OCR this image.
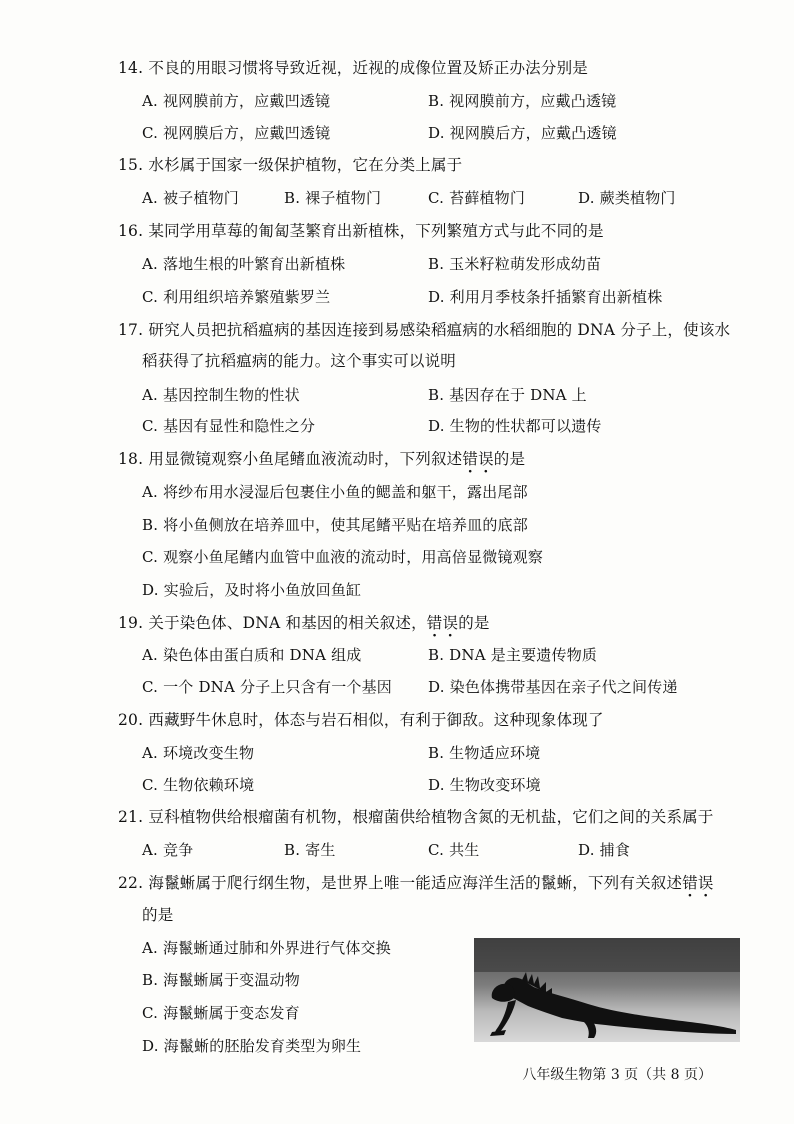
14. 不良的用眼习惯将导致近视，近视的成像位置及矫正办法分别是
A. 视网膜前方，应戴凹透镜	B. 视网膜前方，应戴凸透镜
C. 视网膜后方，应戴凹透镜	D. 视网膜后方，应戴凸透镜
15. 水杉属于国家一级保护植物，它在分类上属于
A. 被子植物门	B. 裸子植物门	C. 苔藓植物门	D. 蕨类植物门
16. 某同学用草莓的匍匐茎繁育出新植株，下列繁殖方式与此不同的是
A. 落地生根的叶繁育出新植株	B. 玉米籽粒萌发形成幼苗
C. 利用组织培养繁殖紫罗兰	D. 利用月季枝条扦插繁育出新植株
17. 研究人员把抗稻瘟病的基因连接到易感染稻瘟病的水稻细胞的 DNA 分子上，使该水
稻获得了抗稻瘟病的能力。这个事实可以说明
A. 基因控制生物的性状	B. 基因存在于 DNA 上
C. 基因有显性和隐性之分	D. 生物的性状都可以遗传
18. 用显微镜观察小鱼尾鳍血液流动时，下列叙述错误的是
A. 将纱布用水浸湿后包裹住小鱼的鳃盖和躯干，露出尾部
B. 将小鱼侧放在培养皿中，使其尾鳍平贴在培养皿的底部
C. 观察小鱼尾鳍内血管中血液的流动时，用高倍显微镜观察
D. 实验后，及时将小鱼放回鱼缸
19. 关于染色体、DNA 和基因的相关叙述，错误的是
A. 染色体由蛋白质和 DNA 组成	B. DNA 是主要遗传物质
C. 一个 DNA 分子上只含有一个基因 D. 染色体携带基因在亲子代之间传递
20. 西藏野牛休息时，体态与岩石相似，有利于御敌。这种现象体现了
A. 环境改变生物	B. 生物适应环境
C. 生物依赖环境	D. 生物改变环境
21. 豆科植物供给根瘤菌有机物，根瘤菌供给植物含氮的无机盐，它们之间的关系属于
A. 竞争	B. 寄生	C. 共生	D. 捕食
22. 海鬣蜥属于爬行纲生物，是世界上唯一能适应海洋生活的鬣蜥，下列有关叙述错误
的是
A. 海鬣蜥通过肺和外界进行气体交换
B. 海鬣蜥属于变温动物
C. 海鬣蜥属于变态发育
D. 海鬣蜥的胚胎发育类型为卵生
八年级生物第 3 页（共 8 页）
